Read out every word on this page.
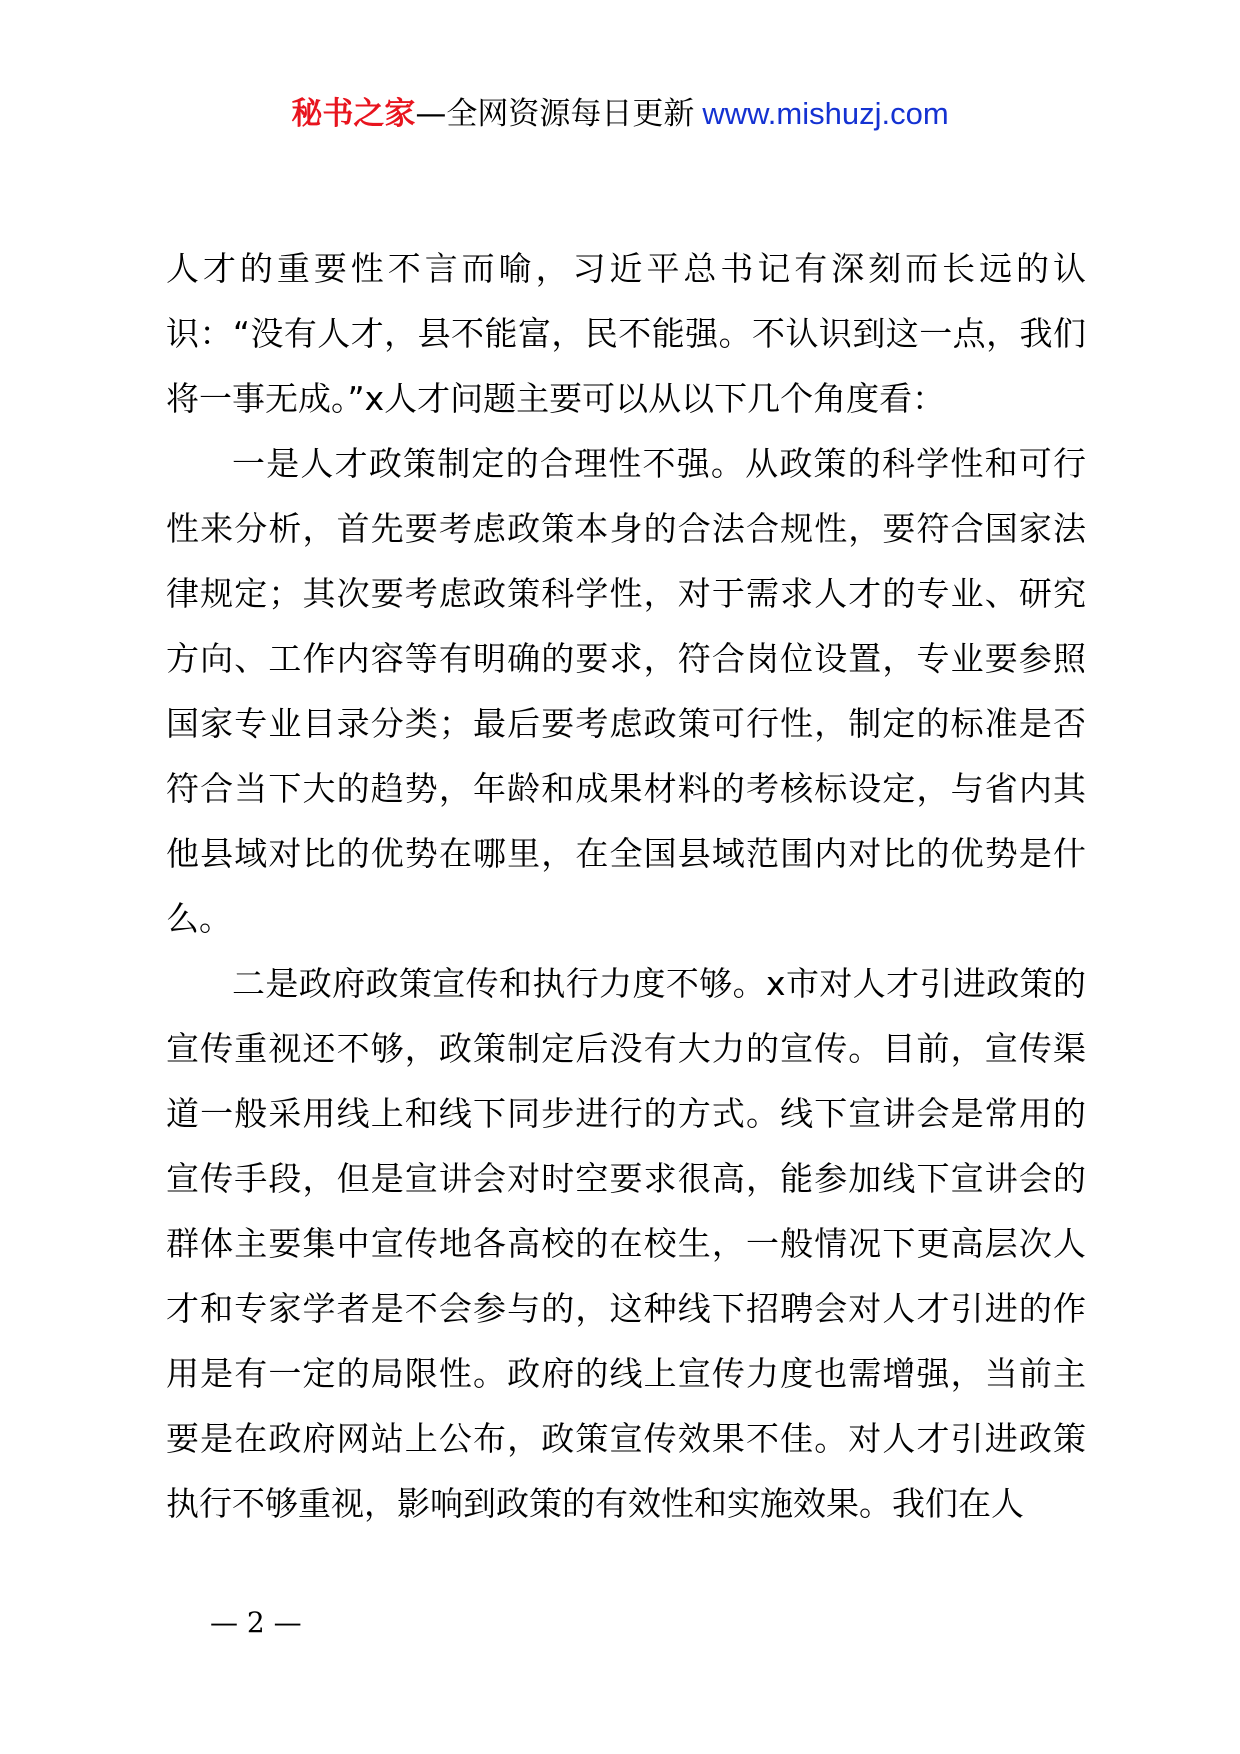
秘书之家—全网资源每日更新 www.mishuzj.com

人才的重要性不言而喻，习近平总书记有深刻而长远的认识：“没有人才，县不能富，民不能强。不认识到这一点，我们将一事无成。”x人才问题主要可以从以下几个角度看：

一是人才政策制定的合理性不强。从政策的科学性和可行性来分析，首先要考虑政策本身的合法合规性，要符合国家法律规定；其次要考虑政策科学性，对于需求人才的专业、研究方向、工作内容等有明确的要求，符合岗位设置，专业要参照国家专业目录分类；最后要考虑政策可行性，制定的标准是否符合当下大的趋势，年龄和成果材料的考核标设定，与省内其他县域对比的优势在哪里，在全国县域范围内对比的优势是什么。

二是政府政策宣传和执行力度不够。x市对人才引进政策的宣传重视还不够，政策制定后没有大力的宣传。目前，宣传渠道一般采用线上和线下同步进行的方式。线下宣讲会是常用的宣传手段，但是宣讲会对时空要求很高，能参加线下宣讲会的群体主要集中宣传地各高校的在校生，一般情况下更高层次人才和专家学者是不会参与的，这种线下招聘会对人才引进的作用是有一定的局限性。政府的线上宣传力度也需增强，当前主要是在政府网站上公布，政策宣传效果不佳。对人才引进政策执行不够重视，影响到政策的有效性和实施效果。我们在人

— 2 —
